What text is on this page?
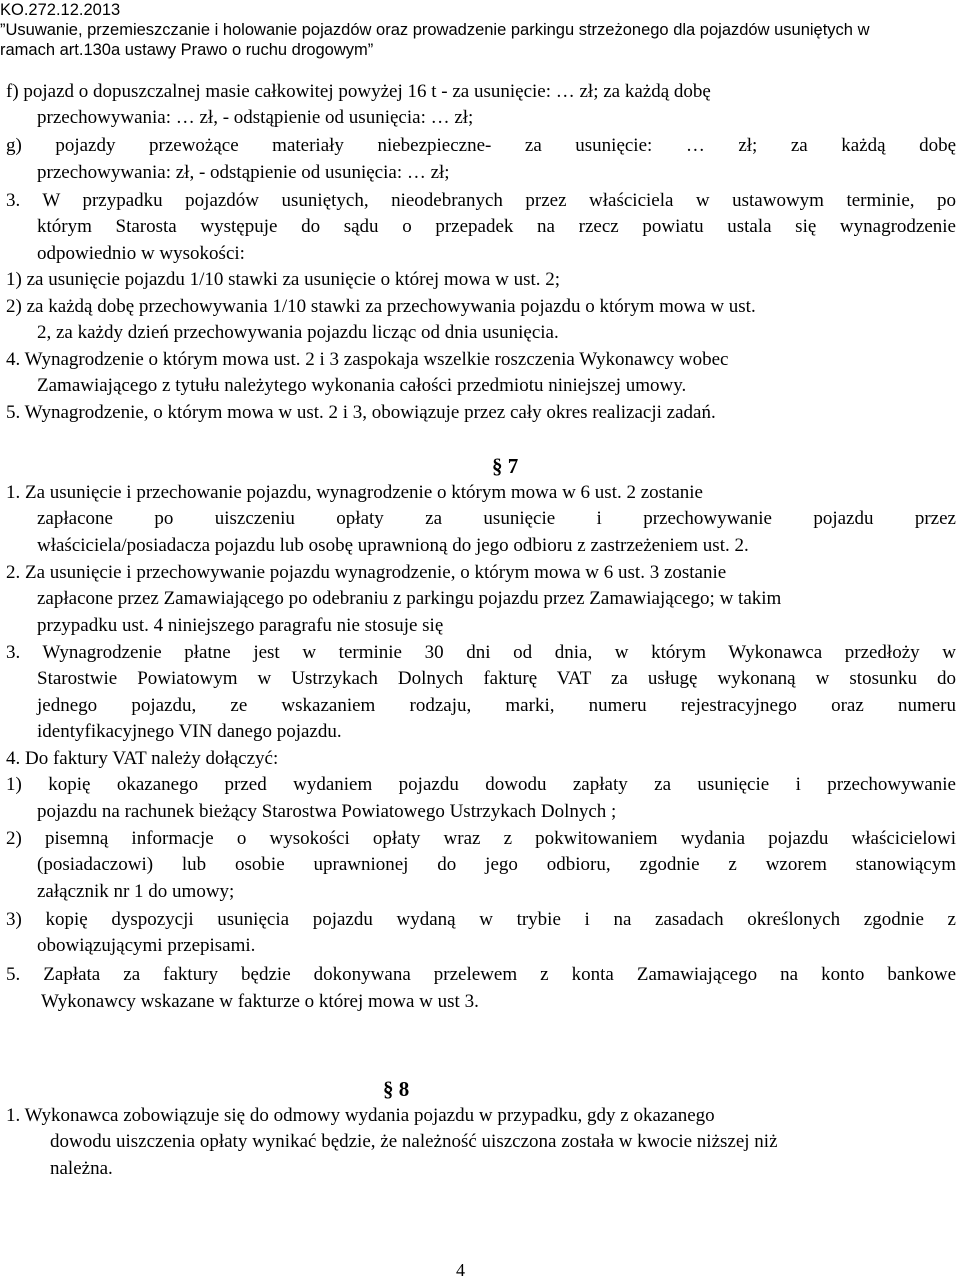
KO.272.12.2013
”Usuwanie, przemieszczanie i holowanie pojazdów oraz prowadzenie parkingu strzeżonego dla pojazdów usuniętych w
ramach art.130a ustawy Prawo o ruchu drogowym”
f) pojazd o dopuszczalnej masie całkowitej powyżej 16 t - za usunięcie: … zł; za każdą dobę
przechowywania: … zł, - odstąpienie od usunięcia: … zł;
g) pojazdy przewożące materiały niebezpieczne- za usunięcie: … zł; za każdą dobę
przechowywania: zł, - odstąpienie od usunięcia: … zł;
3. W przypadku pojazdów usuniętych, nieodebranych przez właściciela w ustawowym terminie, po
którym Starosta występuje do sądu o przepadek na rzecz powiatu ustala się wynagrodzenie
odpowiednio w wysokości:
1) za usunięcie pojazdu 1/10 stawki za usunięcie o której mowa w ust. 2;
2) za każdą dobę przechowywania 1/10 stawki za przechowywania pojazdu o którym mowa w ust.
2, za każdy dzień przechowywania pojazdu licząc od dnia usunięcia.
4. Wynagrodzenie o którym mowa ust. 2 i 3 zaspokaja wszelkie roszczenia Wykonawcy wobec
Zamawiającego z tytułu należytego wykonania całości przedmiotu niniejszej umowy.
5. Wynagrodzenie, o którym mowa w ust. 2 i 3, obowiązuje przez cały okres realizacji zadań.
§ 7
1. Za usunięcie i przechowanie pojazdu, wynagrodzenie o którym mowa w 6 ust. 2 zostanie
zapłacone po uiszczeniu opłaty za usunięcie i przechowywanie pojazdu przez
właściciela/posiadacza pojazdu lub osobę uprawnioną do jego odbioru z zastrzeżeniem ust. 2.
2. Za usunięcie i przechowywanie pojazdu wynagrodzenie, o którym mowa w 6 ust. 3 zostanie
zapłacone przez Zamawiającego po odebraniu z parkingu pojazdu przez Zamawiającego; w takim
przypadku ust. 4 niniejszego paragrafu nie stosuje się
3. Wynagrodzenie płatne jest w terminie 30 dni od dnia, w którym Wykonawca przedłoży w
Starostwie Powiatowym w Ustrzykach Dolnych fakturę VAT za usługę wykonaną w stosunku do
jednego pojazdu, ze wskazaniem rodzaju, marki, numeru rejestracyjnego oraz numeru
identyfikacyjnego VIN danego pojazdu.
4. Do faktury VAT należy dołączyć:
1) kopię okazanego przed wydaniem pojazdu dowodu zapłaty za usunięcie i przechowywanie
pojazdu na rachunek bieżący Starostwa Powiatowego Ustrzykach Dolnych ;
2) pisemną informacje o wysokości opłaty wraz z pokwitowaniem wydania pojazdu właścicielowi
(posiadaczowi) lub osobie uprawnionej do jego odbioru, zgodnie z wzorem stanowiącym
załącznik nr 1 do umowy;
3) kopię dyspozycji usunięcia pojazdu wydaną w trybie i na zasadach określonych zgodnie z
obowiązującymi przepisami.
5. Zapłata za faktury będzie dokonywana przelewem z konta Zamawiającego na konto bankowe
Wykonawcy wskazane w fakturze o której mowa w ust 3.
§ 8
1. Wykonawca zobowiązuje się do odmowy wydania pojazdu w przypadku, gdy z okazanego
dowodu uiszczenia opłaty wynikać będzie, że należność uiszczona została w kwocie niższej niż
należna.
4
